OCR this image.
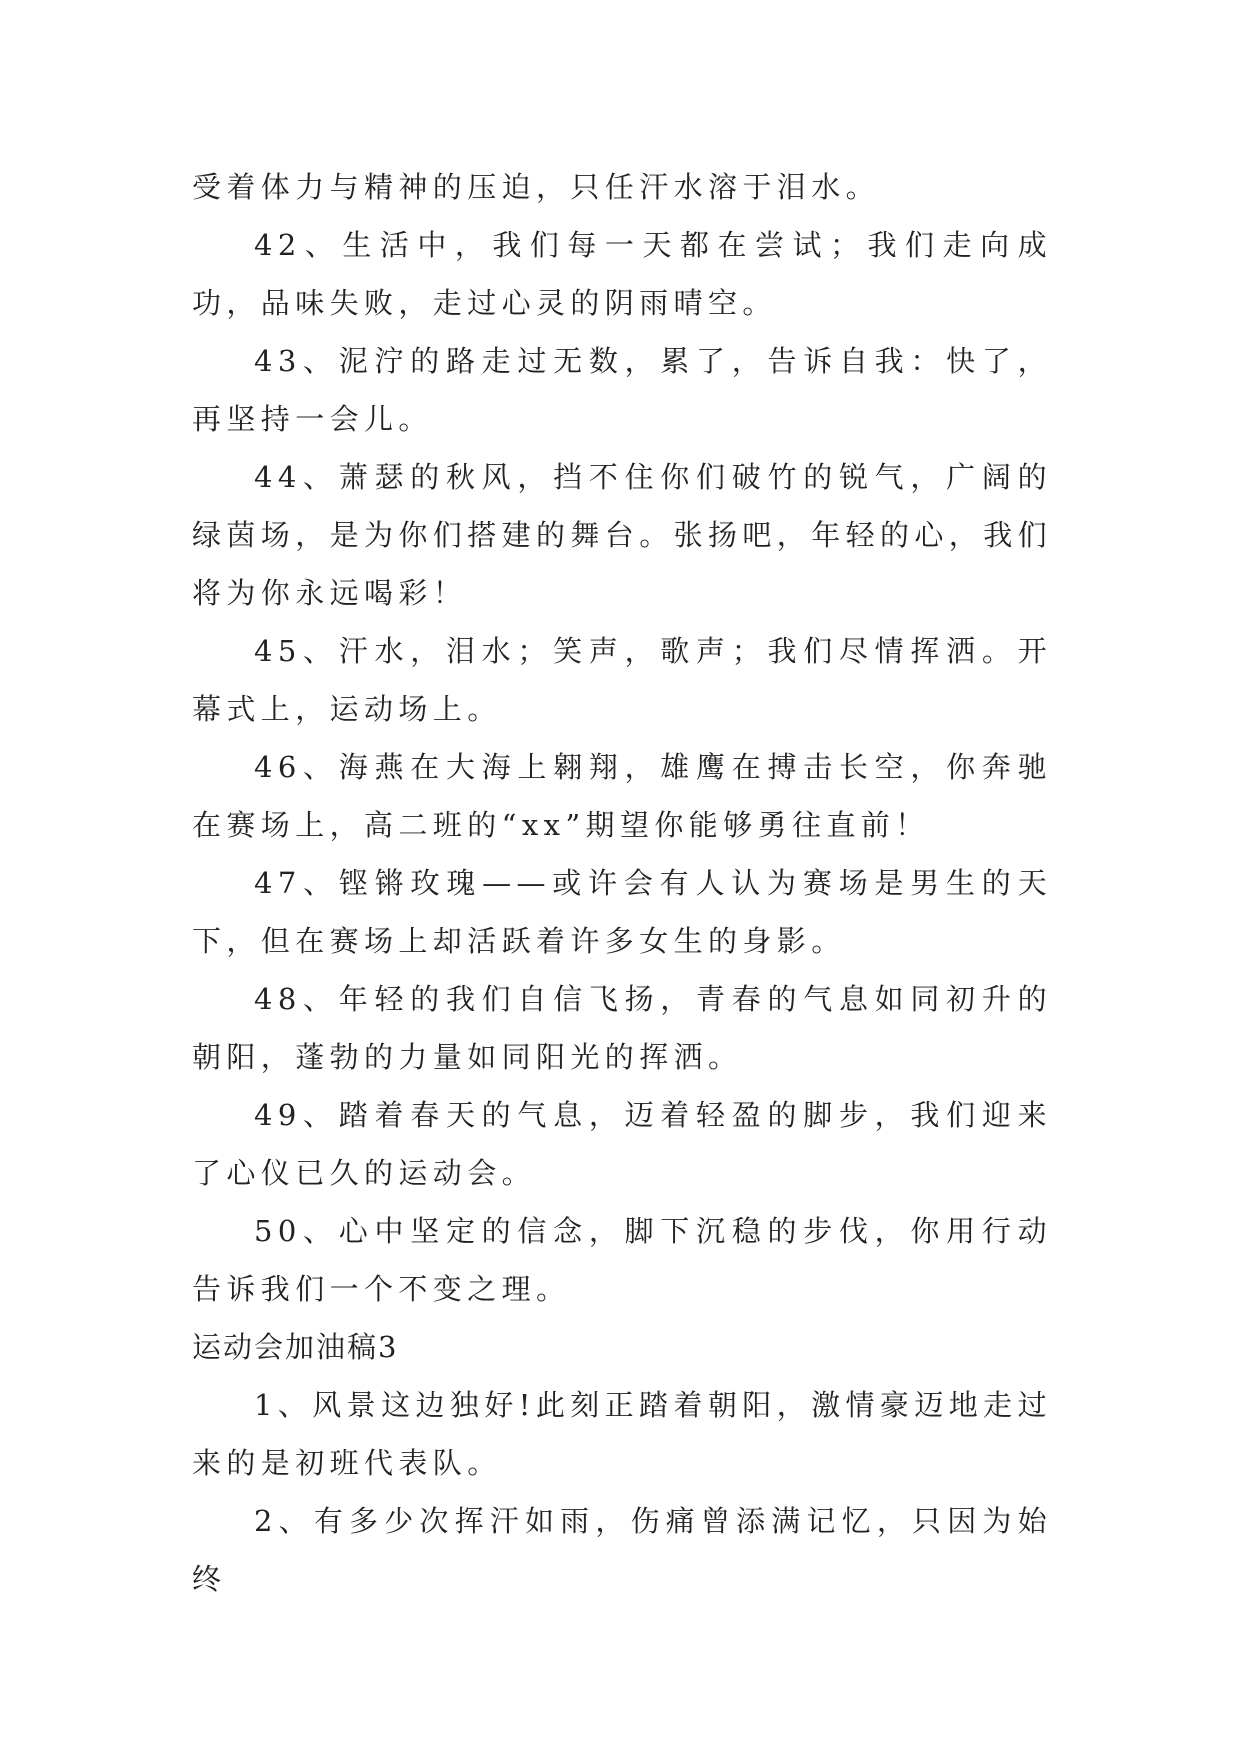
受着体力与精神的压迫，只任汗水溶于泪水。

42、生活中，我们每一天都在尝试；我们走向成功，品味失败，走过心灵的阴雨晴空。

43、泥泞的路走过无数，累了，告诉自我：快了，再坚持一会儿。

44、萧瑟的秋风，挡不住你们破竹的锐气，广阔的绿茵场，是为你们搭建的舞台。张扬吧，年轻的心，我们将为你永远喝彩！

45、汗水，泪水；笑声，歌声；我们尽情挥洒。开幕式上，运动场上。

46、海燕在大海上翱翔，雄鹰在搏击长空，你奔驰在赛场上，高二班的“xx”期望你能够勇往直前！

47、铿锵玫瑰——或许会有人认为赛场是男生的天下，但在赛场上却活跃着许多女生的身影。

48、年轻的我们自信飞扬，青春的气息如同初升的朝阳，蓬勃的力量如同阳光的挥洒。

49、踏着春天的气息，迈着轻盈的脚步，我们迎来了心仪已久的运动会。

50、心中坚定的信念，脚下沉稳的步伐，你用行动告诉我们一个不变之理。

运动会加油稿3

1、风景这边独好!此刻正踏着朝阳，激情豪迈地走过来的是初班代表队。

2、有多少次挥汗如雨，伤痛曾添满记忆，只因为始终
